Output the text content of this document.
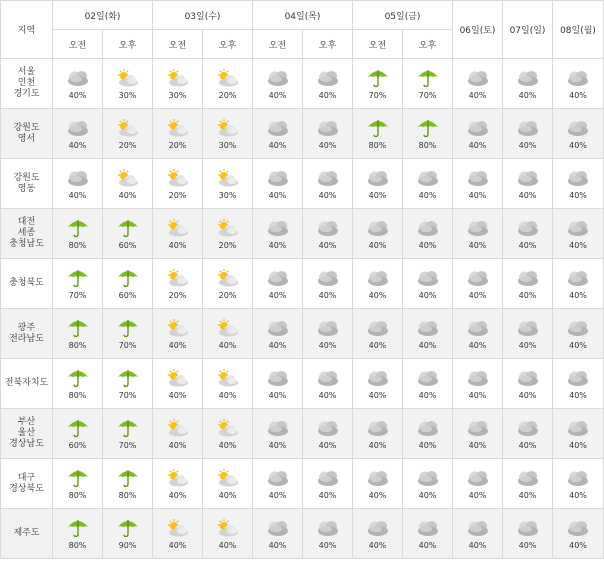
지역	02일(화)		03일(수)		04일(목)		05일(금)		06일(토)	07일(일)	08일(월)
	오전	오후	오전	오후	오전	오후	오전	오후			
서울
인천
경기도	40%	30%	30%	20%	40%	40%	70%	70%	40%	40%	40%

강원도
영서	40%	20%	20%	30%	40%	40%	80%	80%	40%	40%	40%

강원도
영동	40%	40%	20%	30%	40%	40%	40%	40%	40%	40%	40%

대전
세종
충청남도	80%	60%	40%	20%	40%	40%	40%	40%	40%	40%	40%

충청북도	70%	60%	20%	20%	40%	40%	40%	40%	40%	40%	40%

광주
전라남도	80%	70%	40%	40%	40%	40%	40%	40%	40%	40%	40%

전북자치도	80%	70%	40%	40%	40%	40%	40%	40%	40%	40%	40%

부산
울산
경상남도	60%	70%	40%	40%	40%	40%	40%	40%	40%	40%	40%

대구
경상북도	80%	80%	40%	40%	40%	40%	40%	40%	40%	40%	40%

제주도	80%	90%	40%	40%	40%	40%	40%	40%	40%	40%	40%
